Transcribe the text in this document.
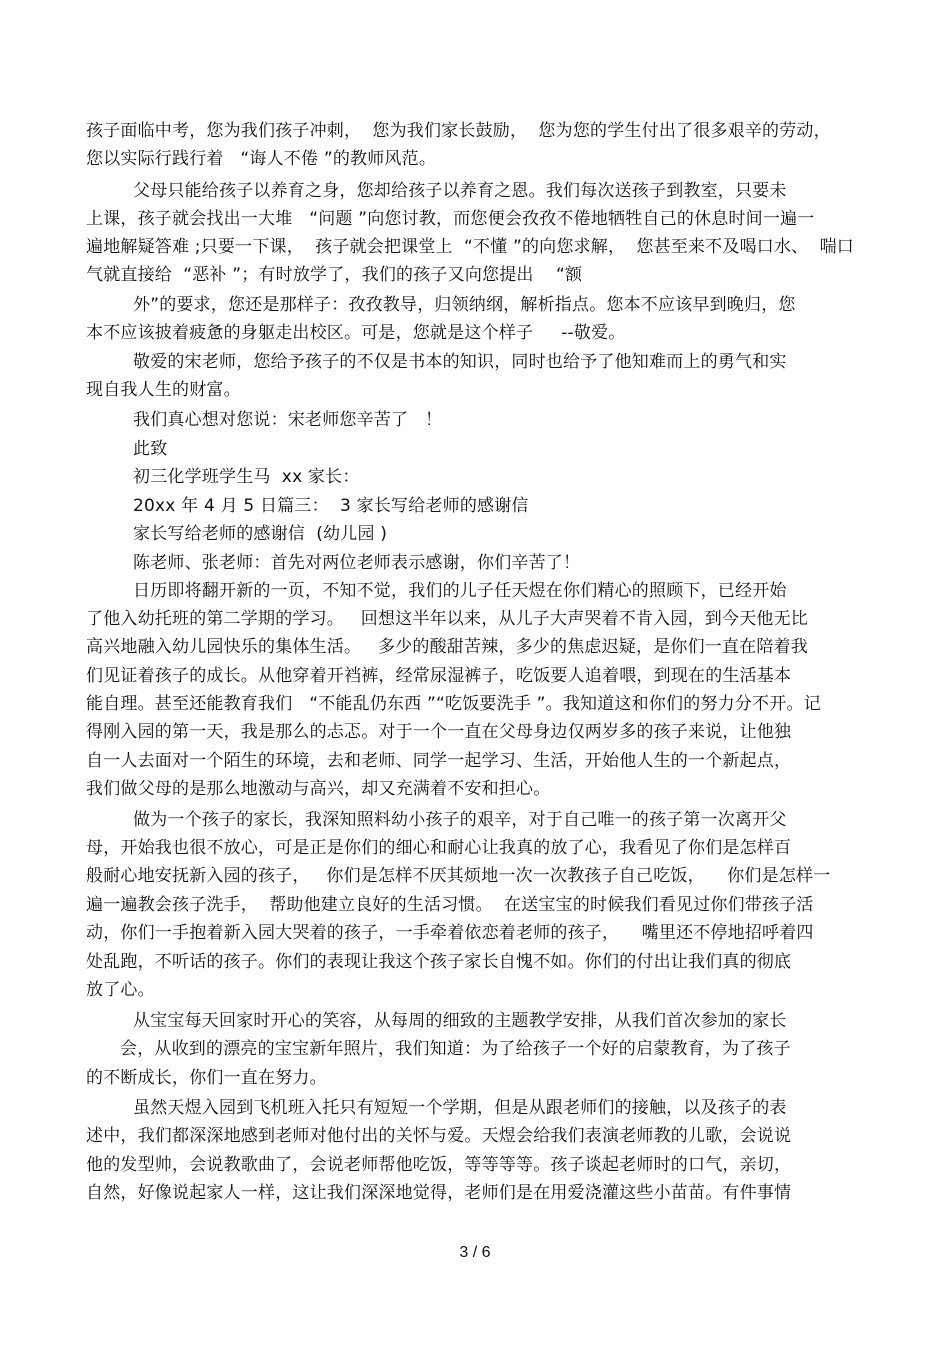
孩子面临中考，您为我们孩子冲刺，  您为我们家长鼓励，  您为您的学生付出了很多艰辛的劳动，
您以实际行践行着   “诲人不倦 ”的教师风范。
父母只能给孩子以养育之身，您却给孩子以养育之恩。我们每次送孩子到教室，只要未
上课，孩子就会找出一大堆   “问题 ”向您讨教，而您便会孜孜不倦地牺牲自己的休息时间一遍一
遍地解疑答难 ;只要一下课，  孩子就会把课堂上  “不懂 ”的向您求解，  您甚至来不及喝口水、  喘口
气就直接给  “恶补 ”；有时放学了，我们的孩子又向您提出    “额
外”的要求，您还是那样子：孜孜教导，归领纳纲，解析指点。您本不应该早到晚归，您
本不应该披着疲惫的身躯走出校区。可是，您就是这个样子     --敬爱。
敬爱的宋老师，您给予孩子的不仅是书本的知识，同时也给予了他知难而上的勇气和实
现自我人生的财富。
我们真心想对您说：宋老师您辛苦了   ！
此致
初三化学班学生马  xx 家长：
20xx 年 4 月 5 日篇三：  3 家长写给老师的感谢信
家长写给老师的感谢信  (幼儿园 )
陈老师、张老师：首先对两位老师表示感谢，你们辛苦了！
日历即将翻开新的一页，不知不觉，我们的儿子任天煜在你们精心的照顾下，已经开始
了他入幼托班的第二学期的学习。   回想这半年以来，从儿子大声哭着不肯入园，到今天他无比
高兴地融入幼儿园快乐的集体生活。   多少的酸甜苦辣，多少的焦虑迟疑，是你们一直在陪着我
们见证着孩子的成长。从他穿着开裆裤，经常尿湿裤子，吃饭要人追着喂，到现在的生活基本
能自理。甚至还能教育我们   “不能乱仍东西 ”“吃饭要洗手 ”。我知道这和你们的努力分不开。记
得刚入园的第一天，我是那么的忐忑。对于一个一直在父母身边仅两岁多的孩子来说，让他独
自一人去面对一个陌生的环境，去和老师、同学一起学习、生活，开始他人生的一个新起点，
我们做父母的是那么地激动与高兴，却又充满着不安和担心。
做为一个孩子的家长，我深知照料幼小孩子的艰辛，对于自己唯一的孩子第一次离开父
母，开始我也很不放心，可是正是你们的细心和耐心让我真的放了心，我看见了你们是怎样百
般耐心地安抚新入园的孩子，   你们是怎样不厌其烦地一次一次教孩子自己吃饭，    你们是怎样一
遍一遍教会孩子洗手，  帮助他建立良好的生活习惯。  在送宝宝的时候我们看见过你们带孩子活
动，你们一手抱着新入园大哭着的孩子，一手牵着依恋着老师的孩子，    嘴里还不停地招呼着四
处乱跑，不听话的孩子。你们的表现让我这个孩子家长自愧不如。你们的付出让我们真的彻底
放了心。
从宝宝每天回家时开心的笑容，从每周的细致的主题教学安排，从我们首次参加的家长
会，从收到的漂亮的宝宝新年照片，我们知道：为了给孩子一个好的启蒙教育，为了孩子
的不断成长，你们一直在努力。
虽然天煜入园到飞机班入托只有短短一个学期，但是从跟老师们的接触，以及孩子的表
述中，我们都深深地感到老师对他付出的关怀与爱。天煜会给我们表演老师教的儿歌，会说说
他的发型帅，会说教歌曲了，会说老师帮他吃饭，等等等等。孩子谈起老师时的口气，亲切，
自然，好像说起家人一样，这让我们深深地觉得，老师们是在用爱浇灌这些小苗苗。有件事情
3 / 6
